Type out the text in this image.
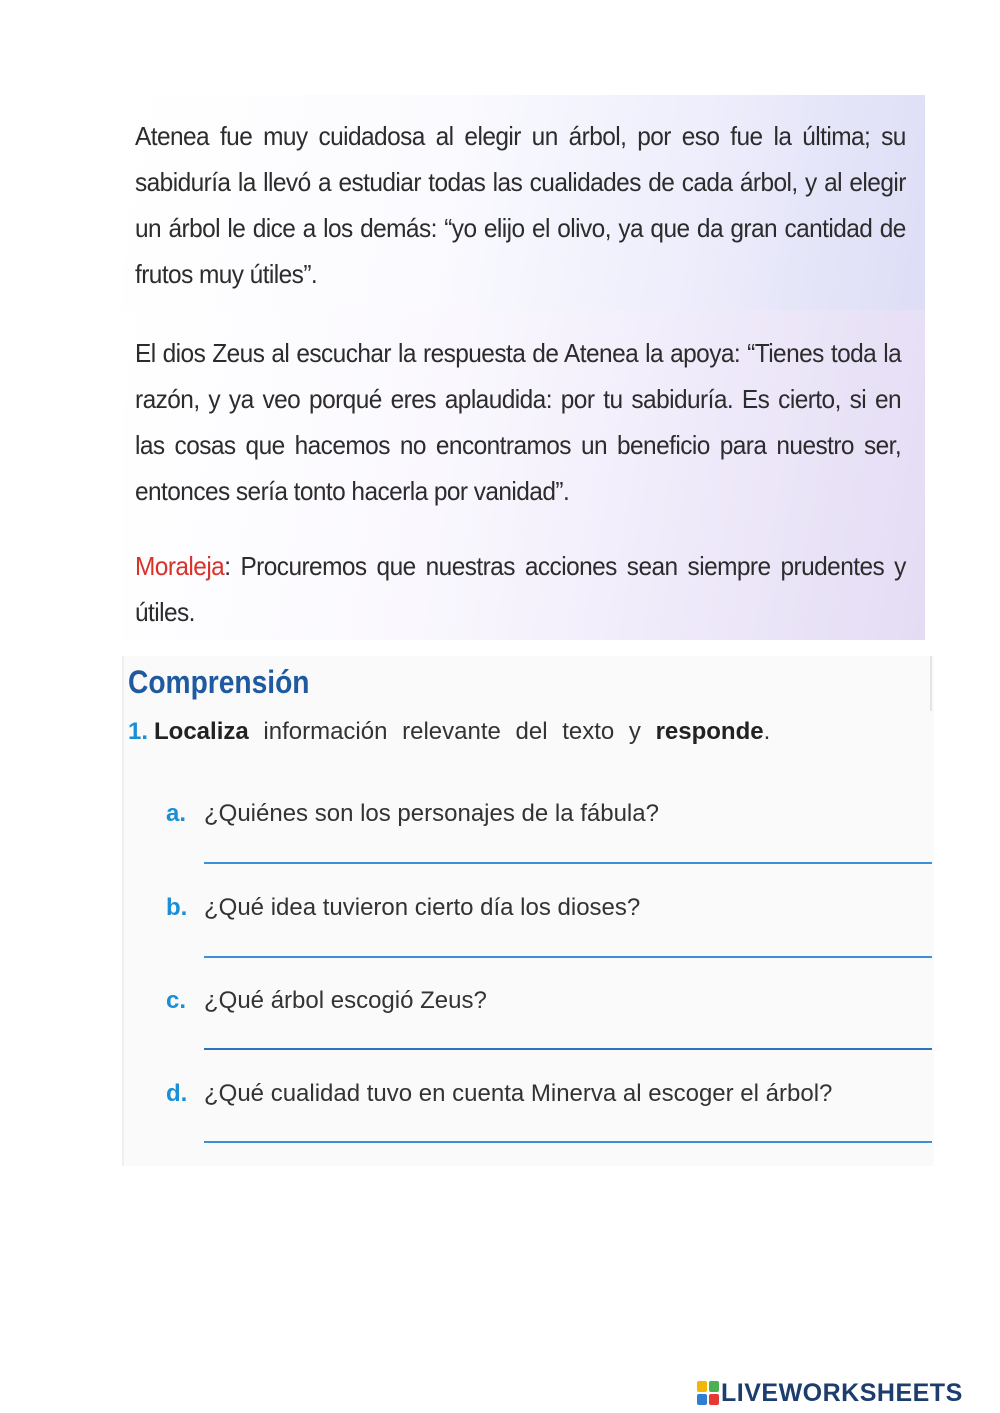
Atenea fue muy cuidadosa al elegir un árbol, por eso fue la última; su sabiduría la llevó a estudiar todas las cualidades de cada árbol, y al elegir un árbol le dice a los demás: “yo elijo el olivo, ya que da gran cantidad de frutos muy útiles”.

El dios Zeus al escuchar la respuesta de Atenea la apoya: “Tienes toda la razón, y ya veo porqué eres aplaudida: por tu sabiduría. Es cierto, si en las cosas que hacemos no encontramos un beneficio para nuestro ser, entonces sería tonto hacerla por vanidad”.

Moraleja: Procuremos que nuestras acciones sean siempre prudentes y útiles.

Comprensión

1. Localiza información relevante del texto y responde.

a. ¿Quiénes son los personajes de la fábula?

b. ¿Qué idea tuvieron cierto día los dioses?

c. ¿Qué árbol escogió Zeus?

d. ¿Qué cualidad tuvo en cuenta Minerva al escoger el árbol?

LIVEWORKSHEETS
